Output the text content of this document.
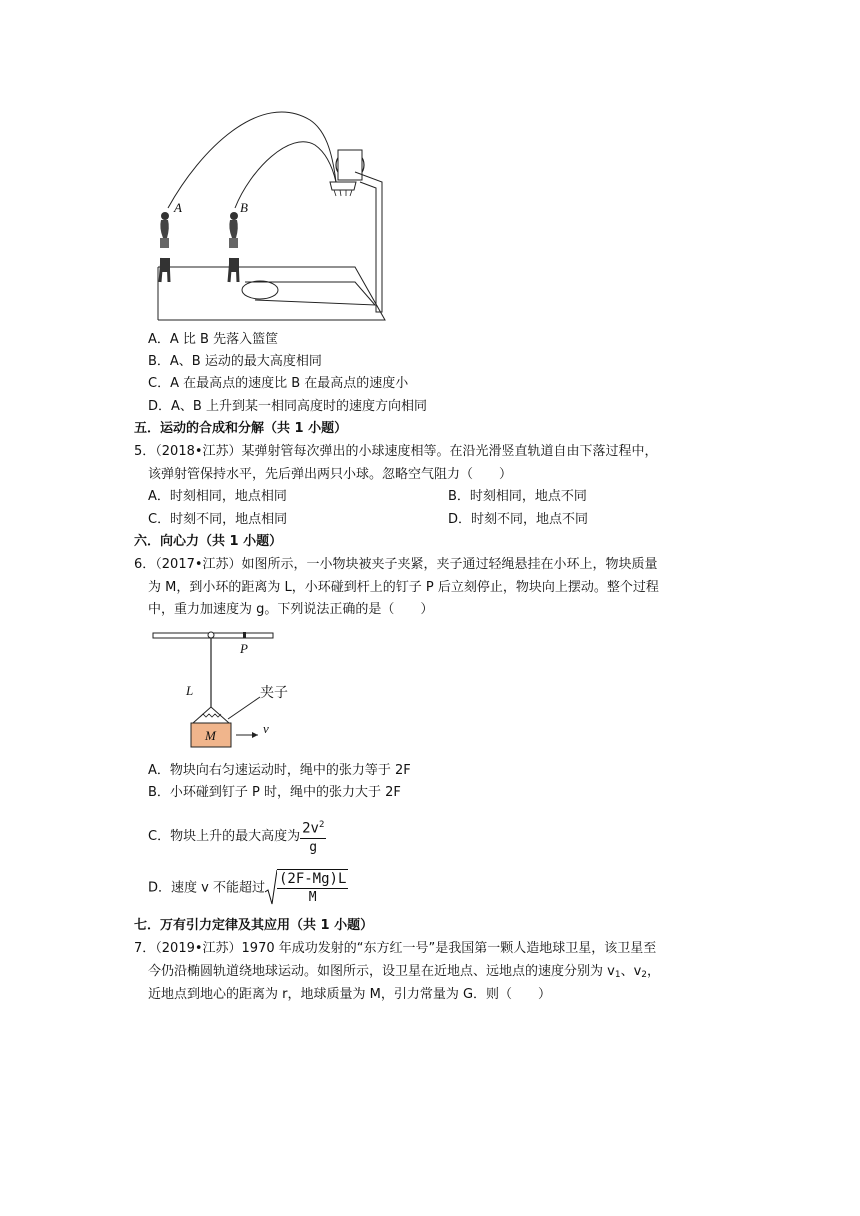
A	B
A．A 比 B 先落入篮筐
B．A、B 运动的最大高度相同
C．A 在最高点的速度比 B 在最高点的速度小
D．A、B 上升到某一相同高度时的速度方向相同
五．运动的合成和分解（共 1 小题）
5．（2018•江苏）某弹射管每次弹出的小球速度相等。在沿光滑竖直轨道自由下落过程中，
该弹射管保持水平，先后弹出两只小球。忽略空气阻力（　　）
A．时刻相同，地点相同	B．时刻相同，地点不同
C．时刻不同，地点相同	D．时刻不同，地点不同
六．向心力（共 1 小题）
6．（2017•江苏）如图所示，一小物块被夹子夹紧，夹子通过轻绳悬挂在小环上，物块质量
为 M，到小环的距离为 L，小环碰到杆上的钉子 P 后立刻停止，物块向上摆动。整个过程
中，重力加速度为 g。下列说法正确的是（　　）
P
L	夹子
M	v
A．物块向右匀速运动时，绳中的张力等于 2F
B．小环碰到钉子 P 时，绳中的张力大于 2F
C．物块上升的最大高度为 $\frac{2v^2}{g}$
D．速度 v 不能超过 $\frac{(2F-Mg)L}{M}$
七．万有引力定律及其应用（共 1 小题）
7．（2019•江苏）1970 年成功发射的“东方红一号”是我国第一颗人造地球卫星，该卫星至
今仍沿椭圆轨道绕地球运动。如图所示，设卫星在近地点、远地点的速度分别为 $v_1$、$v_2$，
近地点到地心的距离为 r，地球质量为 M，引力常量为 G．则（　　）
